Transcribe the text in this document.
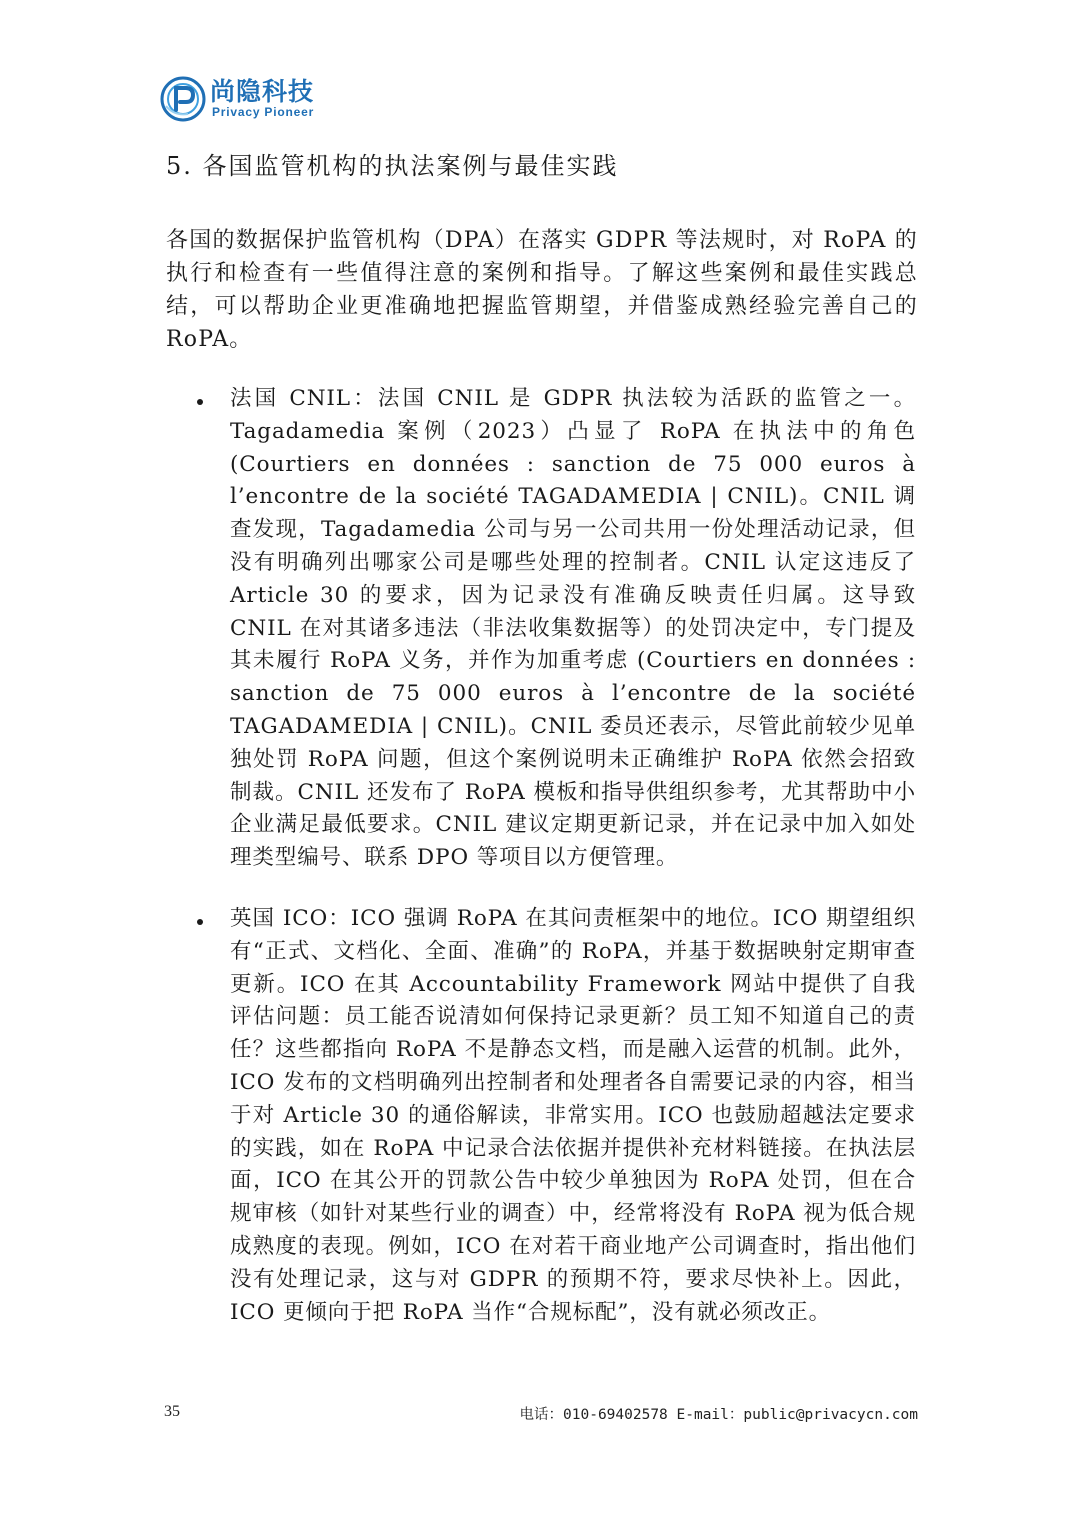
尚隐科技
Privacy Pioneer
5. 各国监管机构的执法案例与最佳实践

各国的数据保护监管机构（DPA）在落实 GDPR 等法规时，对 RoPA 的执行和检查有一些值得注意的案例和指导。了解这些案例和最佳实践总结，可以帮助企业更准确地把握监管期望，并借鉴成熟经验完善自己的 RoPA。

法国 CNIL：法国 CNIL 是 GDPR 执法较为活跃的监管之一。Tagadamedia 案例（2023）凸显了 RoPA 在执法中的角色 (Courtiers en données : sanction de 75 000 euros à l’encontre de la société TAGADAMEDIA | CNIL)。CNIL 调查发现，Tagadamedia 公司与另一公司共用一份处理活动记录，但没有明确列出哪家公司是哪些处理的控制者。CNIL 认定这违反了 Article 30 的要求，因为记录没有准确反映责任归属。这导致 CNIL 在对其诸多违法（非法收集数据等）的处罚决定中，专门提及其未履行 RoPA 义务，并作为加重考虑 (Courtiers en données : sanction de 75 000 euros à l’encontre de la société TAGADAMEDIA | CNIL)。CNIL 委员还表示，尽管此前较少见单独处罚 RoPA 问题，但这个案例说明未正确维护 RoPA 依然会招致制裁。CNIL 还发布了 RoPA 模板和指导供组织参考，尤其帮助中小企业满足最低要求。CNIL 建议定期更新记录，并在记录中加入如处理类型编号、联系 DPO 等项目以方便管理。

英国 ICO：ICO 强调 RoPA 在其问责框架中的地位。ICO 期望组织有“正式、文档化、全面、准确”的 RoPA，并基于数据映射定期审查更新。ICO 在其 Accountability Framework 网站中提供了自我评估问题：员工能否说清如何保持记录更新？员工知不知道自己的责任？这些都指向 RoPA 不是静态文档，而是融入运营的机制。此外，ICO 发布的文档明确列出控制者和处理者各自需要记录的内容，相当于对 Article 30 的通俗解读，非常实用。ICO 也鼓励超越法定要求的实践，如在 RoPA 中记录合法依据并提供补充材料链接。在执法层面，ICO 在其公开的罚款公告中较少单独因为 RoPA 处罚，但在合规审核（如针对某些行业的调查）中，经常将没有 RoPA 视为低合规成熟度的表现。例如，ICO 在对若干商业地产公司调查时，指出他们没有处理记录，这与对 GDPR 的预期不符，要求尽快补上。因此，ICO 更倾向于把 RoPA 当作“合规标配”，没有就必须改正。

35	电话：010-69402578 E-mail：public@privacycn.com
